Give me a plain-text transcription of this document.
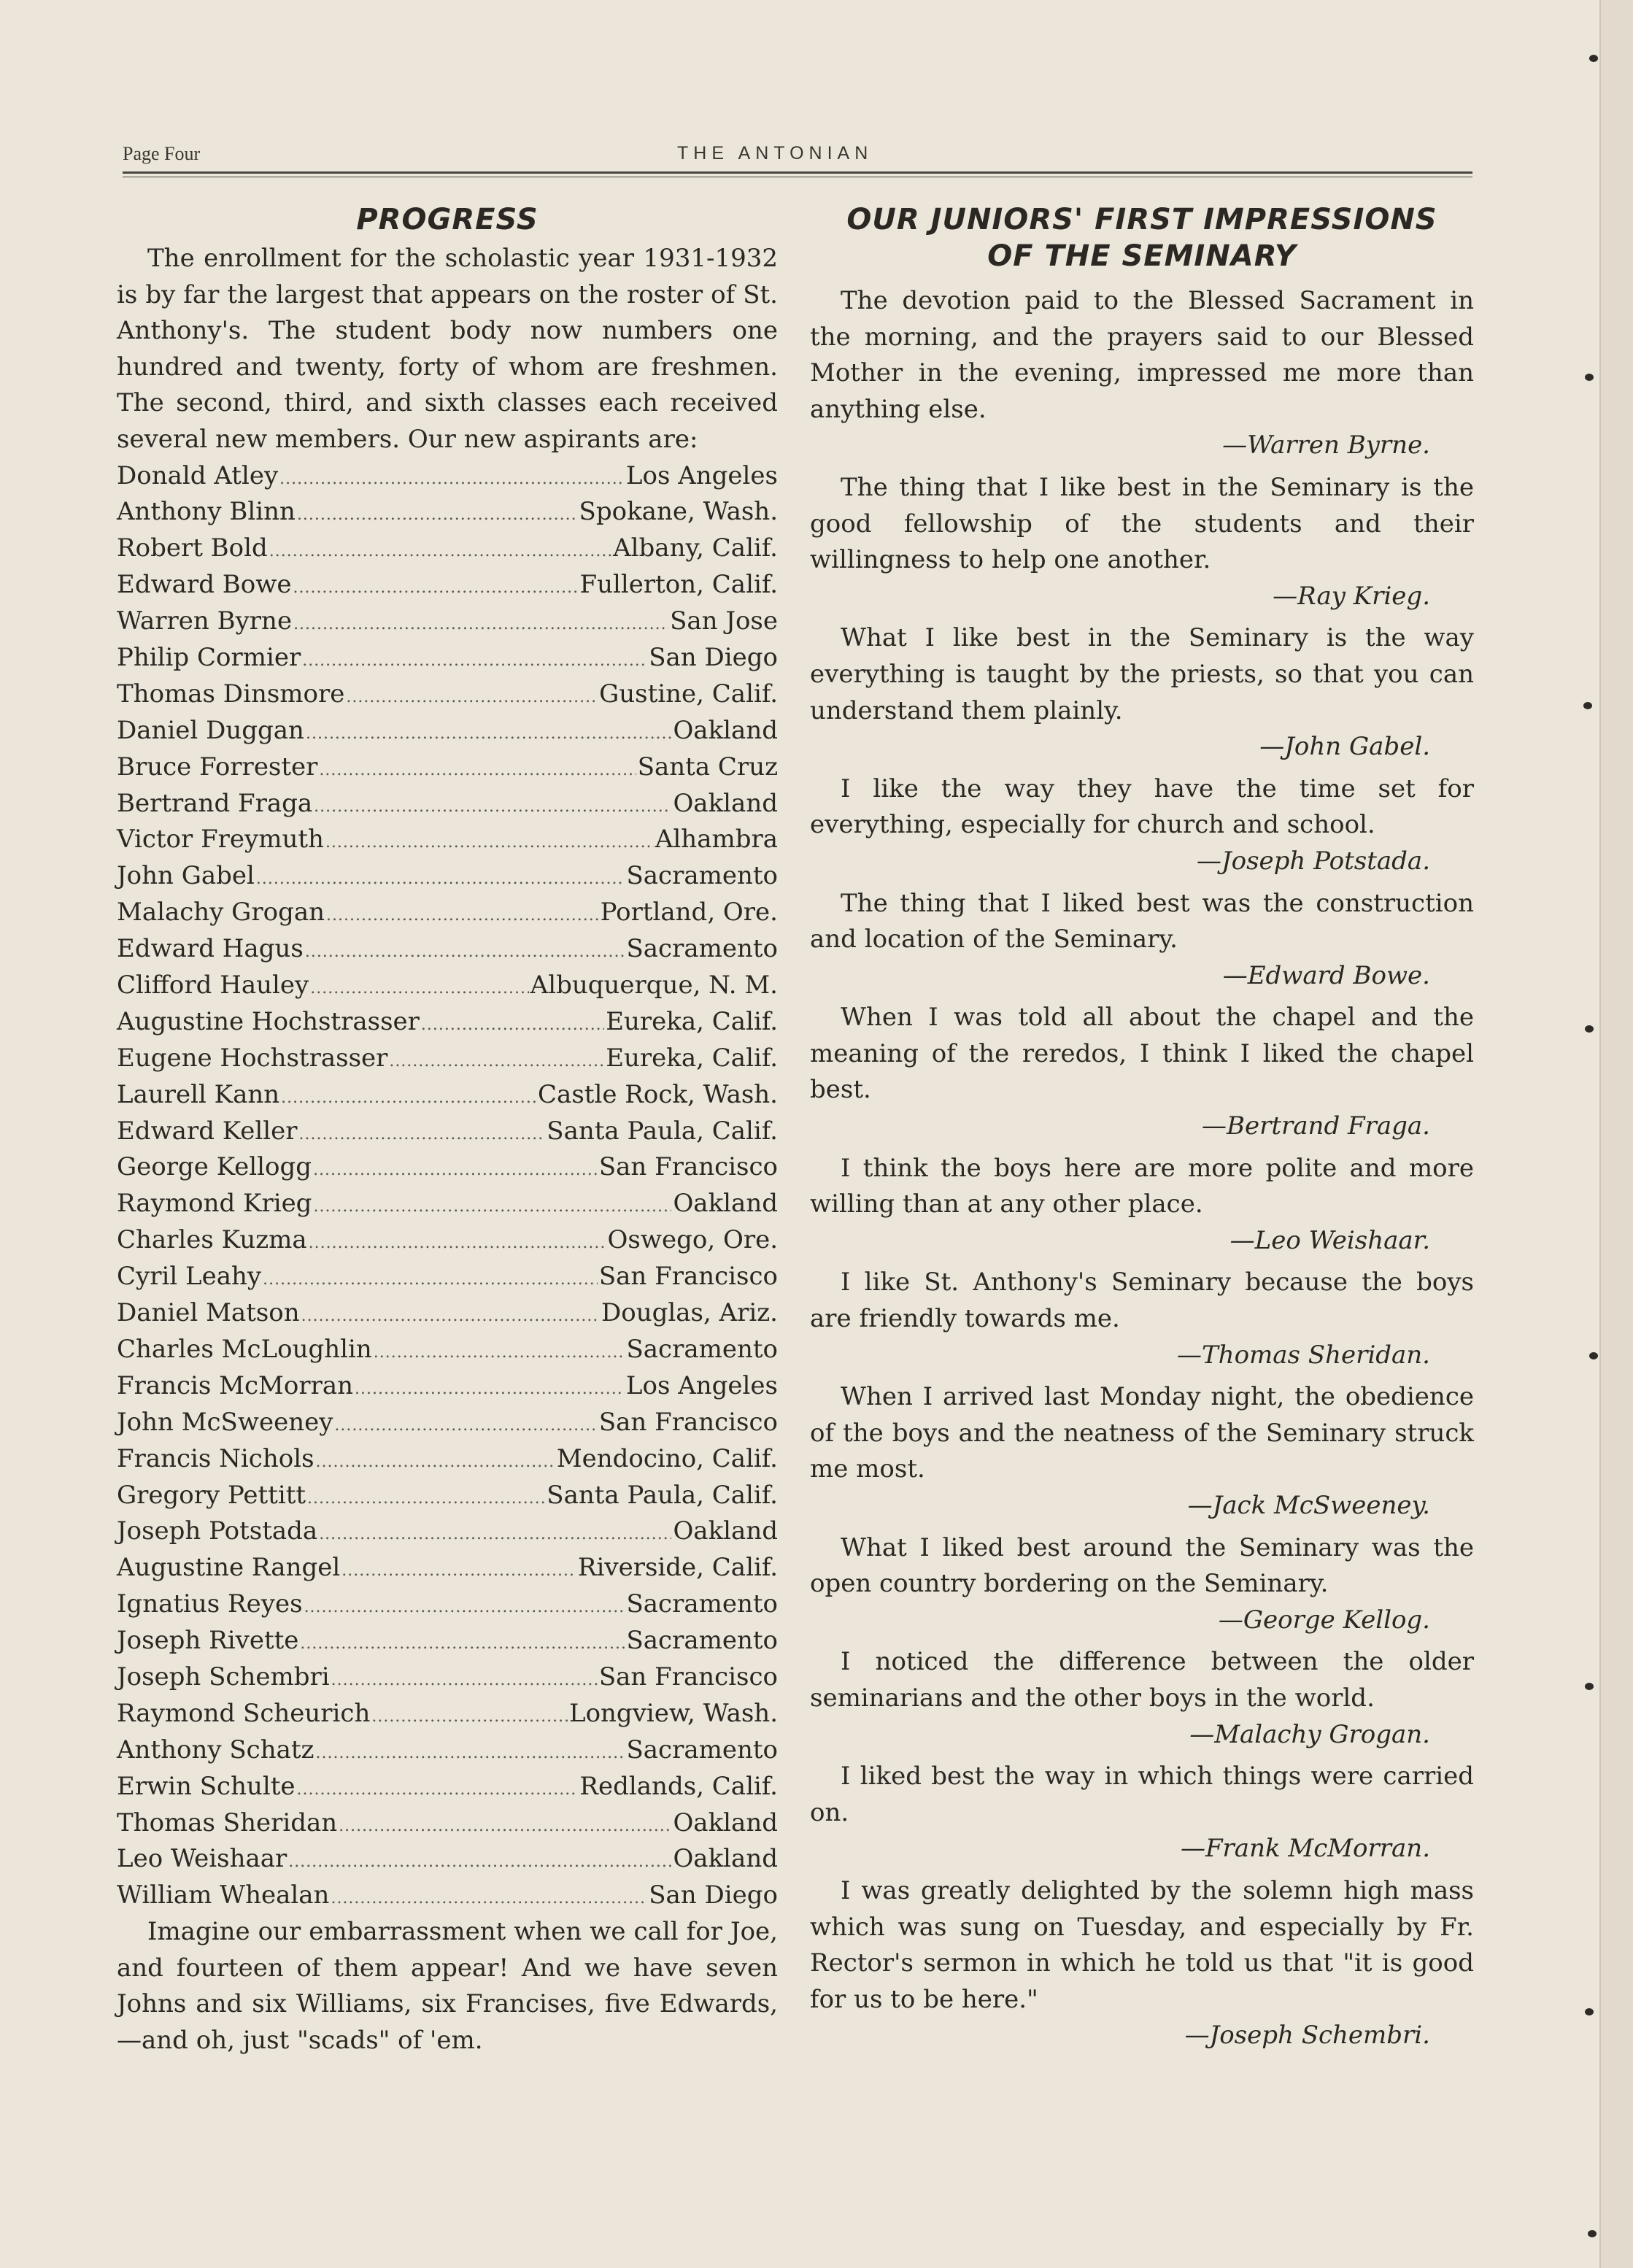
Page Four	THE ANTONIAN
PROGRESS

The enrollment for the scholastic year 1931-1932 is by far the largest that appears on the roster of St. Anthony's. The student body now numbers one hundred and twenty, forty of whom are freshmen. The second, third, and sixth classes each received several new members. Our new aspirants are:

Donald Atley .....	Los Angeles
Anthony Blinn .....	Spokane, Wash.
Robert Bold .....	Albany, Calif.
Edward Bowe .....	Fullerton, Calif.
Warren Byrne .....	San Jose
Philip Cormier .....	San Diego
Thomas Dinsmore .....	Gustine, Calif.
Daniel Duggan .....	Oakland
Bruce Forrester .....	Santa Cruz
Bertrand Fraga .....	Oakland
Victor Freymuth .....	Alhambra
John Gabel .....	Sacramento
Malachy Grogan .....	Portland, Ore.
Edward Hagus .....	Sacramento
Clifford Hauley .....	Albuquerque, N. M.
Augustine Hochstrasser .....	Eureka, Calif.
Eugene Hochstrasser .....	Eureka, Calif.
Laurell Kann .....	Castle Rock, Wash.
Edward Keller .....	Santa Paula, Calif.
George Kellogg .....	San Francisco
Raymond Krieg .....	Oakland
Charles Kuzma .....	Oswego, Ore.
Cyril Leahy .....	San Francisco
Daniel Matson .....	Douglas, Ariz.
Charles McLoughlin .....	Sacramento
Francis McMorran .....	Los Angeles
John McSweeney .....	San Francisco
Francis Nichols .....	Mendocino, Calif.
Gregory Pettitt .....	Santa Paula, Calif.
Joseph Potstada .....	Oakland
Augustine Rangel .....	Riverside, Calif.
Ignatius Reyes .....	Sacramento
Joseph Rivette .....	Sacramento
Joseph Schembri .....	San Francisco
Raymond Scheurich .....	Longview, Wash.
Anthony Schatz .....	Sacramento
Erwin Schulte .....	Redlands, Calif.
Thomas Sheridan .....	Oakland
Leo Weishaar .....	Oakland
William Whealan .....	San Diego

Imagine our embarrassment when we call for Joe, and fourteen of them appear! And we have seven Johns and six Williams, six Francises, five Edwards,—and oh, just "scads" of 'em.

OUR JUNIORS' FIRST IMPRESSIONS
OF THE SEMINARY

The devotion paid to the Blessed Sacrament in the morning, and the prayers said to our Blessed Mother in the evening, impressed me more than anything else.

—Warren Byrne.

The thing that I like best in the Seminary is the good fellowship of the students and their willingness to help one another.

—Ray Krieg.

What I like best in the Seminary is the way everything is taught by the priests, so that you can understand them plainly.

—John Gabel.

I like the way they have the time set for everything, especially for church and school.

—Joseph Potstada.

The thing that I liked best was the construction and location of the Seminary.

—Edward Bowe.

When I was told all about the chapel and the meaning of the reredos, I think I liked the chapel best.

—Bertrand Fraga.

I think the boys here are more polite and more willing than at any other place.

—Leo Weishaar.

I like St. Anthony's Seminary because the boys are friendly towards me.

—Thomas Sheridan.

When I arrived last Monday night, the obedience of the boys and the neatness of the Seminary struck me most.

—Jack McSweeney.

What I liked best around the Seminary was the open country bordering on the Seminary.

—George Kellog.

I noticed the difference between the older seminarians and the other boys in the world.

—Malachy Grogan.

I liked best the way in which things were carried on.

—Frank McMorran.

I was greatly delighted by the solemn high mass which was sung on Tuesday, and especially by Fr. Rector's sermon in which he told us that "it is good for us to be here."

—Joseph Schembri.
